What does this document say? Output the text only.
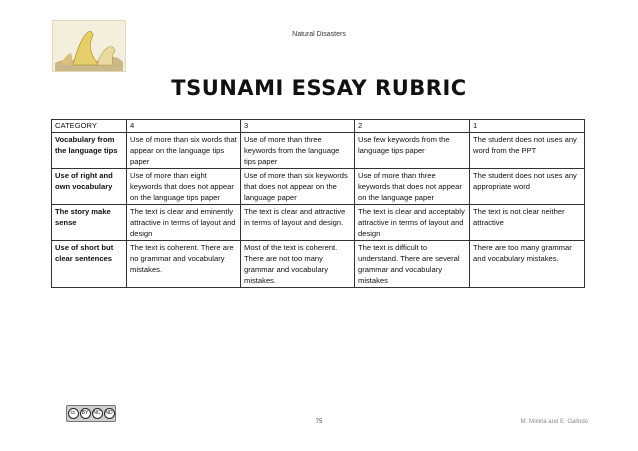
Natural Disasters
TSUNAMI ESSAY RUBRIC
CATEGORY	4	3	2	1
Vocabulary from the language tips	Use of more than six words that appear on the language tips paper	Use of more than three keywords from the language tips paper	Use few keywords from the language tips paper	The student does not uses any word from the PPT
Use of right and own vocabulary	Use of more than eight keywords that does not appear on the language tips paper	Use of more than six keywords that does not appear on the language paper	Use of more than three keywords that does not appear on the language paper	The student does not uses any appropriate word
The story make sense	The text is clear and eminently attractive in terms of layout and design	The text is clear and attractive in terms of layout and design.	The text is clear and acceptably attractive in terms of layout and design	The text is not clear neither attractive
Use of short but clear sentences	The text is coherent. There are no grammar and vocabulary mistakes.	Most of the text is coherent. There are not too many grammar and vocabulary mistakes.	The text is difficult to understand. There are several grammar and vocabulary mistakes	There are too many grammar and vocabulary mistakes.
cc	BY	NC ND
75	M. Molina and E. Galindo
